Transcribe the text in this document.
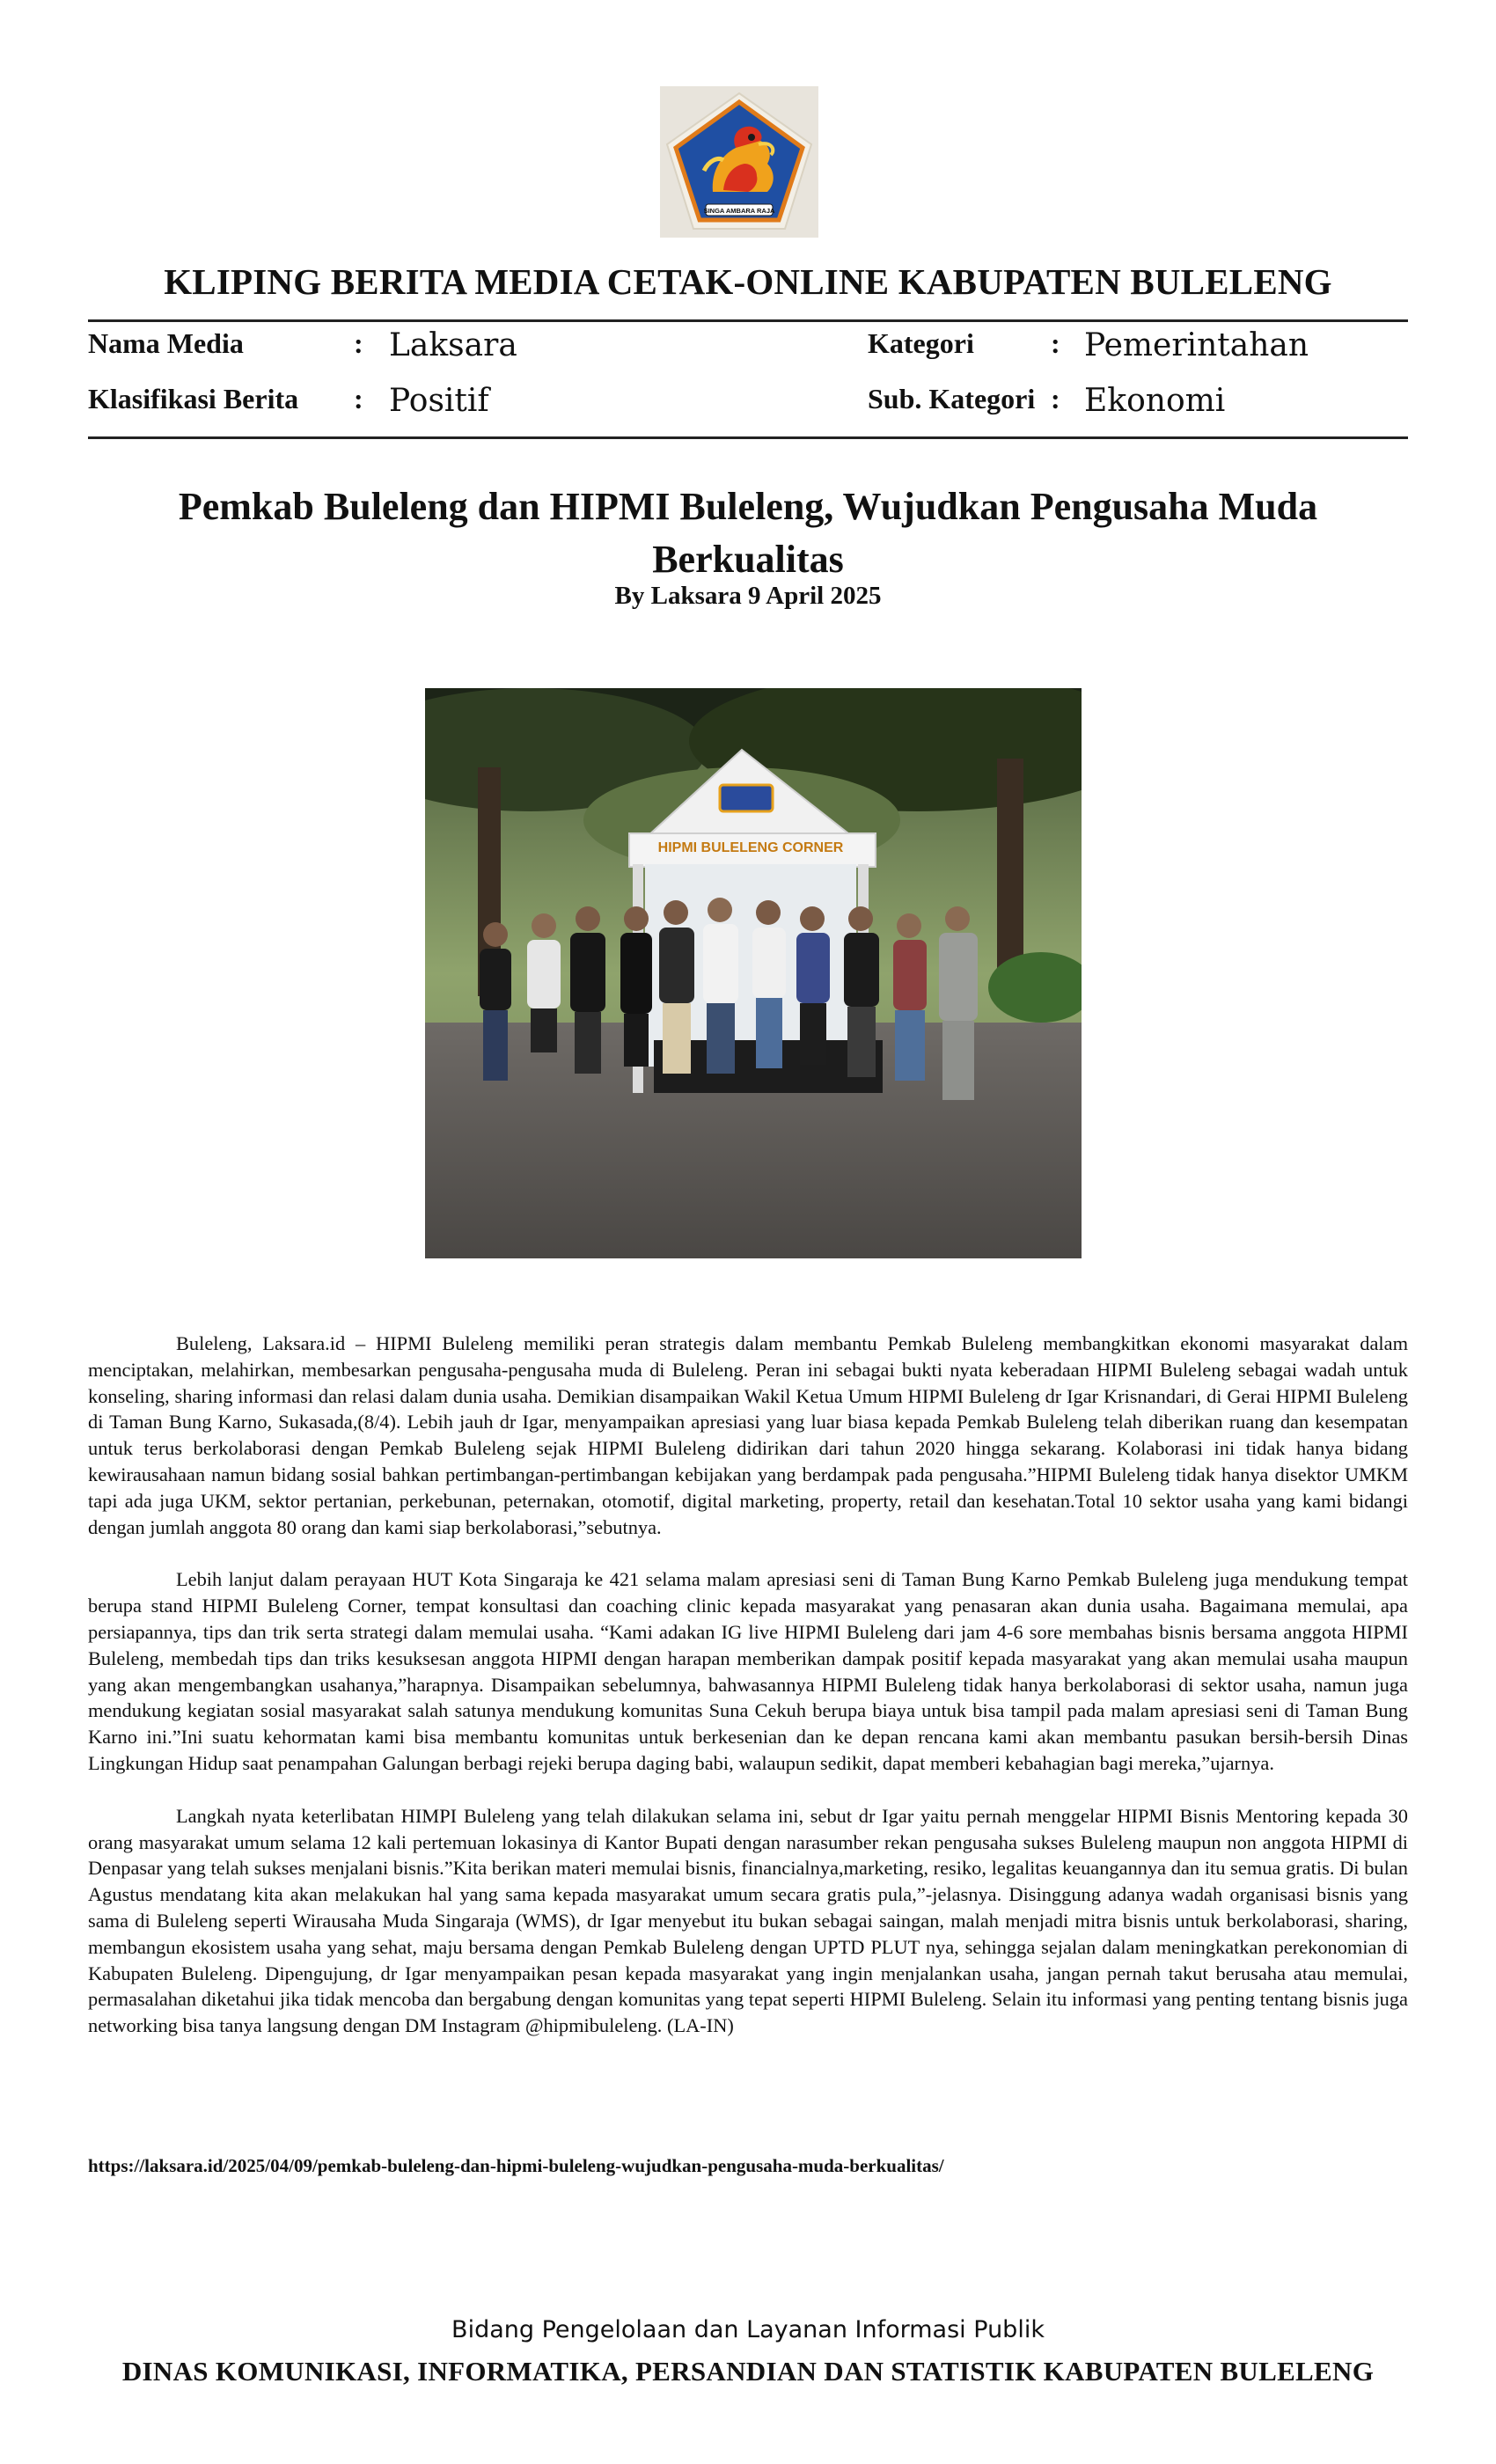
SINGA AMBARA RAJA
KLIPING BERITA MEDIA CETAK-ONLINE KABUPATEN BULELENG
Nama Media	: Laksara
Klasifikasi Berita : Positif
Kategori	: Pemerintahan
Sub. Kategori : Ekonomi
Pemkab Buleleng dan HIPMI Buleleng, Wujudkan Pengusaha Muda Berkualitas
By Laksara 9 April 2025
HIPMI BULELENG CORNER

Buleleng, Laksara.id – HIPMI Buleleng memiliki peran strategis dalam membantu Pemkab Buleleng membangkitkan ekonomi masyarakat dalam menciptakan, melahirkan, membesarkan pengusaha-pengusaha muda di Buleleng. Peran ini sebagai bukti nyata keberadaan HIPMI Buleleng sebagai wadah untuk konseling, sharing informasi dan relasi dalam dunia usaha. Demikian disampaikan Wakil Ketua Umum HIPMI Buleleng dr Igar Krisnandari, di Gerai HIPMI Buleleng di Taman Bung Karno, Sukasada,(8/4). Lebih jauh dr Igar, menyampaikan apresiasi yang luar biasa kepada Pemkab Buleleng telah diberikan ruang dan kesempatan untuk terus berkolaborasi dengan Pemkab Buleleng sejak HIPMI Buleleng didirikan dari tahun 2020 hingga sekarang. Kolaborasi ini tidak hanya bidang kewirausahaan namun bidang sosial bahkan pertimbangan-pertimbangan kebijakan yang berdampak pada pengusaha.”HIPMI Buleleng tidak hanya disektor UMKM tapi ada juga UKM, sektor pertanian, perkebunan, peternakan, otomotif, digital marketing, property, retail dan kesehatan.Total 10 sektor usaha yang kami bidangi dengan jumlah anggota 80 orang dan kami siap berkolaborasi,”sebutnya.

Lebih lanjut dalam perayaan HUT Kota Singaraja ke 421 selama malam apresiasi seni di Taman Bung Karno Pemkab Buleleng juga mendukung tempat berupa stand HIPMI Buleleng Corner, tempat konsultasi dan coaching clinic kepada masyarakat yang penasaran akan dunia usaha. Bagaimana memulai, apa persiapannya, tips dan trik serta strategi dalam memulai usaha. “Kami adakan IG live HIPMI Buleleng dari jam 4-6 sore membahas bisnis bersama anggota HIPMI Buleleng, membedah tips dan triks kesuksesan anggota HIPMI dengan harapan memberikan dampak positif kepada masyarakat yang akan memulai usaha maupun yang akan mengembangkan usahanya,”harapnya. Disampaikan sebelumnya, bahwasannya HIPMI Buleleng tidak hanya berkolaborasi di sektor usaha, namun juga mendukung kegiatan sosial masyarakat salah satunya mendukung komunitas Suna Cekuh berupa biaya untuk bisa tampil pada malam apresiasi seni di Taman Bung Karno ini.”Ini suatu kehormatan kami bisa membantu komunitas untuk berkesenian dan ke depan rencana kami akan membantu pasukan bersih-bersih Dinas Lingkungan Hidup saat penampahan Galungan berbagi rejeki berupa daging babi, walaupun sedikit, dapat memberi kebahagian bagi mereka,”ujarnya.

Langkah nyata keterlibatan HIMPI Buleleng yang telah dilakukan selama ini, sebut dr Igar yaitu pernah menggelar HIPMI Bisnis Mentoring kepada 30 orang masyarakat umum selama 12 kali pertemuan lokasinya di Kantor Bupati dengan narasumber rekan pengusaha sukses Buleleng maupun non anggota HIPMI di Denpasar yang telah sukses menjalani bisnis.”Kita berikan materi memulai bisnis, financialnya,marketing, resiko, legalitas keuangannya dan itu semua gratis. Di bulan Agustus mendatang kita akan melakukan hal yang sama kepada masyarakat umum secara gratis pula,”-jelasnya. Disinggung adanya wadah organisasi bisnis yang sama di Buleleng seperti Wirausaha Muda Singaraja (WMS), dr Igar menyebut itu bukan sebagai saingan, malah menjadi mitra bisnis untuk berkolaborasi, sharing, membangun ekosistem usaha yang sehat, maju bersama dengan Pemkab Buleleng dengan UPTD PLUT nya, sehingga sejalan dalam meningkatkan perekonomian di Kabupaten Buleleng. Dipengujung, dr Igar menyampaikan pesan kepada masyarakat yang ingin menjalankan usaha, jangan pernah takut berusaha atau memulai, permasalahan diketahui jika tidak mencoba dan bergabung dengan komunitas yang tepat seperti HIPMI Buleleng. Selain itu informasi yang penting tentang bisnis juga networking bisa tanya langsung dengan DM Instagram @hipmibuleleng. (LA-IN)

https://laksara.id/2025/04/09/pemkab-buleleng-dan-hipmi-buleleng-wujudkan-pengusaha-muda-berkualitas/
Bidang Pengelolaan dan Layanan Informasi Publik
DINAS KOMUNIKASI, INFORMATIKA, PERSANDIAN DAN STATISTIK KABUPATEN BULELENG
